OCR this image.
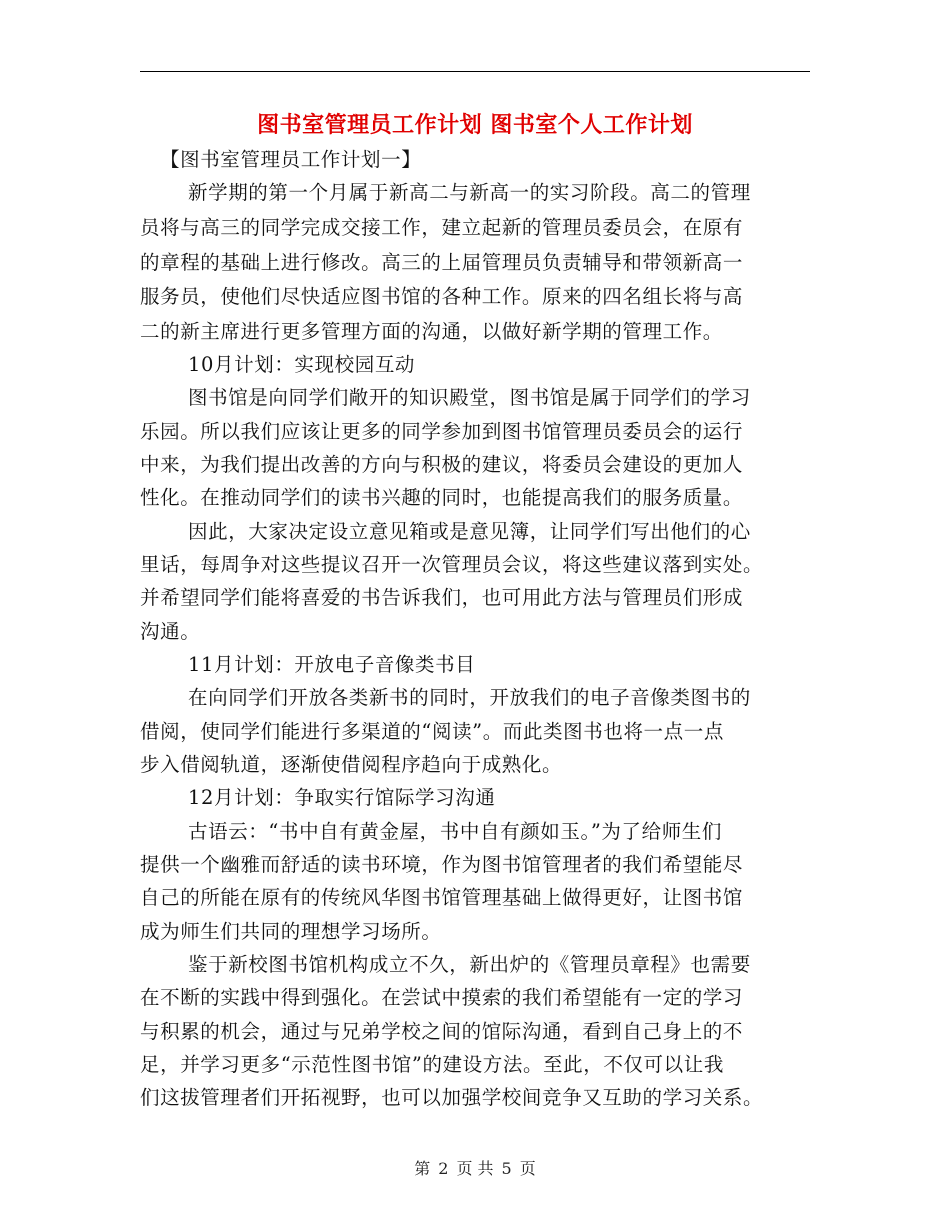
图书室管理员工作计划 图书室个人工作计划
【图书室管理员工作计划一】
新学期的第一个月属于新高二与新高一的实习阶段。高二的管理
员将与高三的同学完成交接工作，建立起新的管理员委员会，在原有
的章程的基础上进行修改。高三的上届管理员负责辅导和带领新高一
服务员，使他们尽快适应图书馆的各种工作。原来的四名组长将与高
二的新主席进行更多管理方面的沟通，以做好新学期的管理工作。
10月计划：实现校园互动
图书馆是向同学们敞开的知识殿堂，图书馆是属于同学们的学习
乐园。所以我们应该让更多的同学参加到图书馆管理员委员会的运行
中来，为我们提出改善的方向与积极的建议，将委员会建设的更加人
性化。在推动同学们的读书兴趣的同时，也能提高我们的服务质量。
因此，大家决定设立意见箱或是意见簿，让同学们写出他们的心
里话，每周争对这些提议召开一次管理员会议，将这些建议落到实处。
并希望同学们能将喜爱的书告诉我们，也可用此方法与管理员们形成
沟通。
11月计划：开放电子音像类书目
在向同学们开放各类新书的同时，开放我们的电子音像类图书的
借阅，使同学们能进行多渠道的“阅读”。而此类图书也将一点一点
步入借阅轨道，逐渐使借阅程序趋向于成熟化。
12月计划：争取实行馆际学习沟通
古语云：“书中自有黄金屋，书中自有颜如玉。”为了给师生们
提供一个幽雅而舒适的读书环境，作为图书馆管理者的我们希望能尽
自己的所能在原有的传统风华图书馆管理基础上做得更好，让图书馆
成为师生们共同的理想学习场所。
鉴于新校图书馆机构成立不久，新出炉的《管理员章程》也需要
在不断的实践中得到强化。在尝试中摸索的我们希望能有一定的学习
与积累的机会，通过与兄弟学校之间的馆际沟通，看到自己身上的不
足，并学习更多“示范性图书馆”的建设方法。至此，不仅可以让我
们这拔管理者们开拓视野，也可以加强学校间竞争又互助的学习关系。
第 2 页 共 5 页
